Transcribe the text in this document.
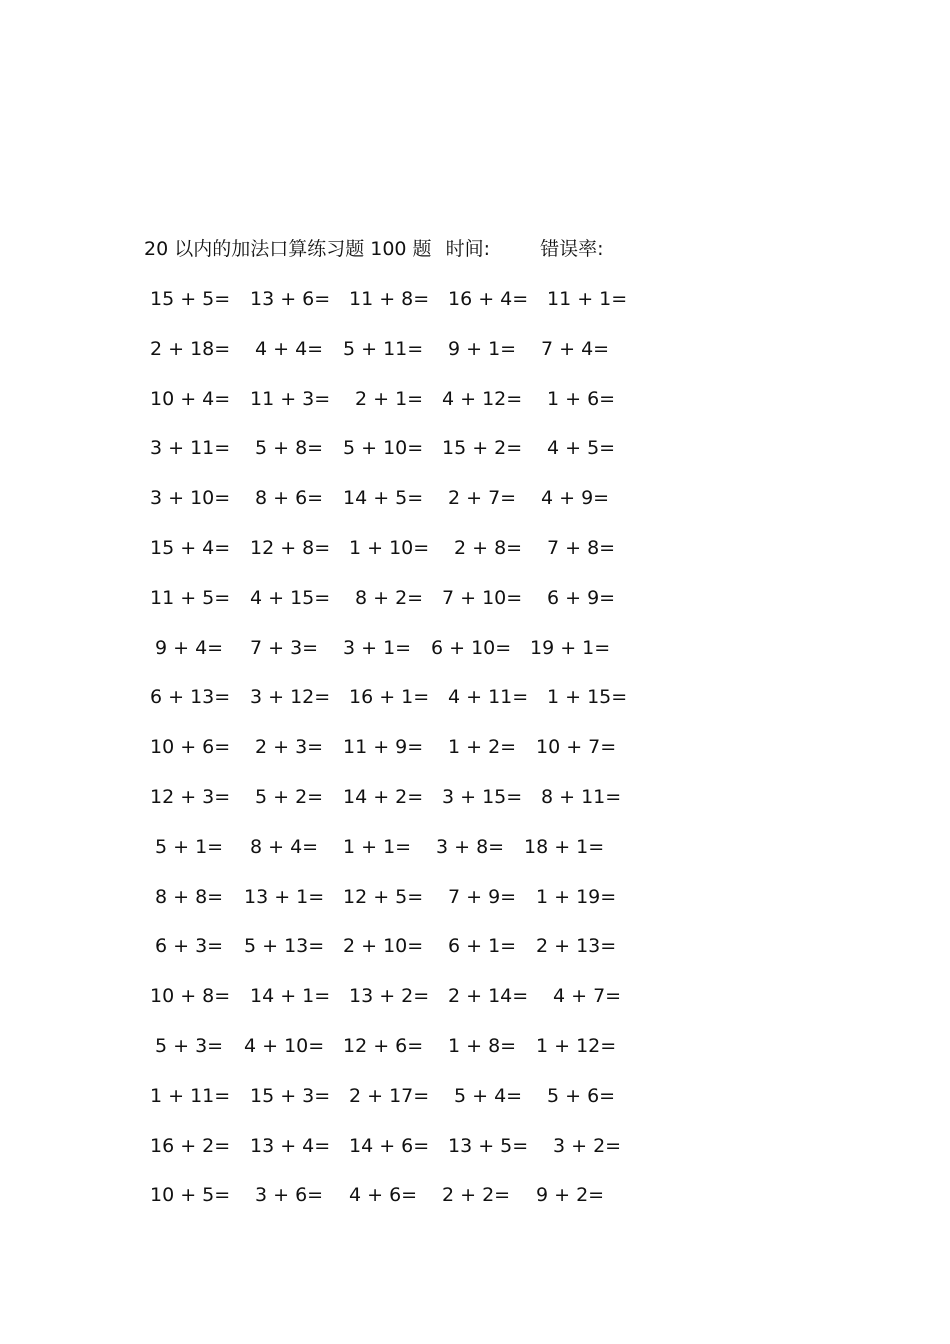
20 以内的加法口算练习题 100 题 时间:	错误率:
15 + 5= 13 + 6= 11 + 8= 16 + 4= 11 + 1=
2 + 18= 4 + 4= 5 + 11= 9 + 1= 7 + 4=
10 + 4= 11 + 3= 2 + 1= 4 + 12= 1 + 6=
3 + 11= 5 + 8= 5 + 10= 15 + 2= 4 + 5=
3 + 10= 8 + 6= 14 + 5= 2 + 7= 4 + 9=
15 + 4= 12 + 8= 1 + 10= 2 + 8= 7 + 8=
11 + 5= 4 + 15= 8 + 2= 7 + 10= 6 + 9=
9 + 4= 7 + 3= 3 + 1= 6 + 10= 19 + 1=
6 + 13= 3 + 12= 16 + 1= 4 + 11= 1 + 15=
10 + 6= 2 + 3= 11 + 9= 1 + 2= 10 + 7=
12 + 3= 5 + 2= 14 + 2= 3 + 15= 8 + 11=
5 + 1= 8 + 4= 1 + 1= 3 + 8= 18 + 1=
8 + 8= 13 + 1= 12 + 5= 7 + 9= 1 + 19=
6 + 3= 5 + 13= 2 + 10= 6 + 1= 2 + 13=
10 + 8= 14 + 1= 13 + 2= 2 + 14= 4 + 7=
5 + 3= 4 + 10= 12 + 6= 1 + 8= 1 + 12=
1 + 11= 15 + 3= 2 + 17= 5 + 4= 5 + 6=
16 + 2= 13 + 4= 14 + 6= 13 + 5= 3 + 2=
10 + 5= 3 + 6= 4 + 6= 2 + 2= 9 + 2=
